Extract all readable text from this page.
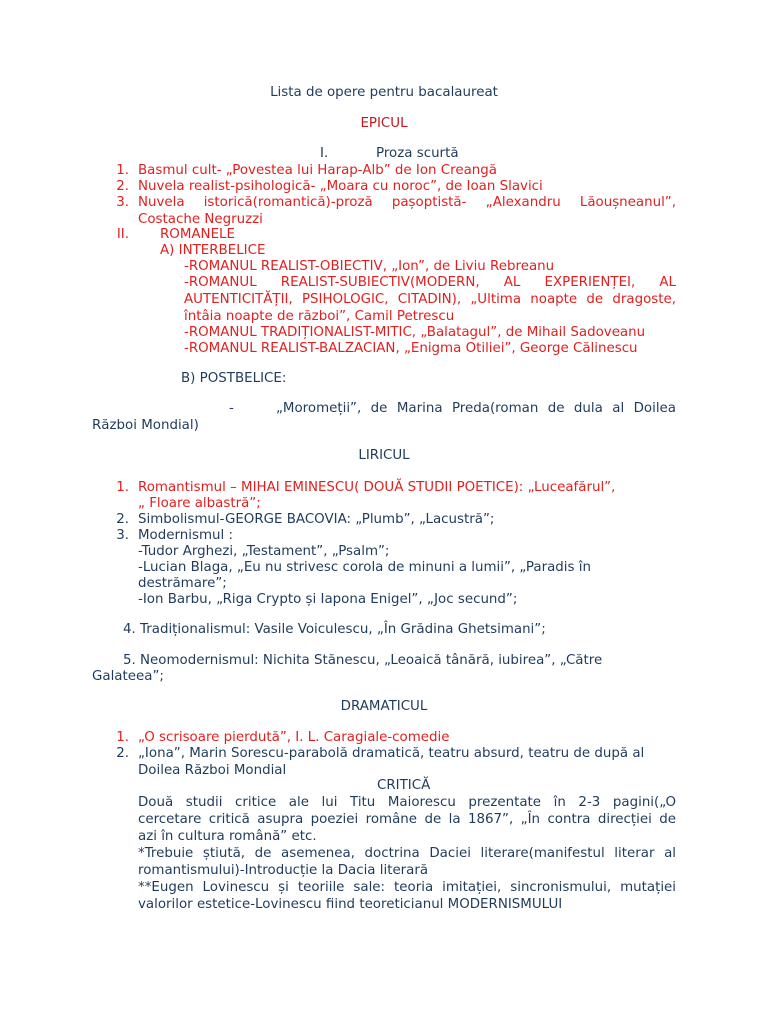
Lista de opere pentru bacalaureat
EPICUL
I.	Proza scurtă
1. Basmul cult- „Povestea lui Harap-Alb” de Ion Creangă
2. Nuvela realist-psihologică- „Moara cu noroc”, de Ioan Slavici
3. Nuvela istorică(romantică)-proză pașoptistă- „Alexandru Lăoușneanul”,
Costache Negruzzi
II. ROMANELE
A) INTERBELICE
-ROMANUL REALIST-OBIECTIV, „Ion”, de Liviu Rebreanu
-ROMANUL REALIST-SUBIECTIV(MODERN, AL EXPERIENȚEI, AL
AUTENTICITĂȚII, PSIHOLOGIC, CITADIN), „Ultima noapte de dragoste,
întâia noapte de război”, Camil Petrescu
-ROMANUL TRADIȚIONALIST-MITIC, „Balatagul”, de Mihail Sadoveanu
-ROMANUL REALIST-BALZACIAN, „Enigma Otiliei”, George Călinescu
B) POSTBELICE:
-	„Moromeții”, de Marina Preda(roman de dula al Doilea
Război Mondial)
LIRICUL
1. Romantismul – MIHAI EMINESCU( DOUĂ STUDII POETICE): „Luceafărul”,
„ Floare albastră”;
2. Simbolismul-GEORGE BACOVIA: „Plumb”, „Lacustră”;
3. Modernismul :
-Tudor Arghezi, „Testament”, „Psalm”;
-Lucian Blaga, „Eu nu strivesc corola de minuni a lumii”, „Paradis în
destrămare”;
-Ion Barbu, „Riga Crypto și Iapona Enigel”, „Joc secund”;
4. Tradiționalismul: Vasile Voiculescu, „În Grădina Ghetsimani”;
5. Neomodernismul: Nichita Stănescu, „Leoaică tânără, iubirea”, „Către
Galateea”;
DRAMATICUL
1. „O scrisoare pierdută”, I. L. Caragiale-comedie
2. „Iona”, Marin Sorescu-parabolă dramatică, teatru absurd, teatru de după al
Doilea Război Mondial
CRITICĂ
Două studii critice ale lui Titu Maiorescu prezentate în 2-3 pagini(„O
cercetare critică asupra poeziei române de la 1867”, „În contra direcției de
azi în cultura română” etc.
*Trebuie știută, de asemenea, doctrina Daciei literare(manifestul literar al
romantismului)-Introducție la Dacia literară
**Eugen Lovinescu și teoriile sale: teoria imitației, sincronismului, mutației
valorilor estetice-Lovinescu fiind teoreticianul MODERNISMULUI
